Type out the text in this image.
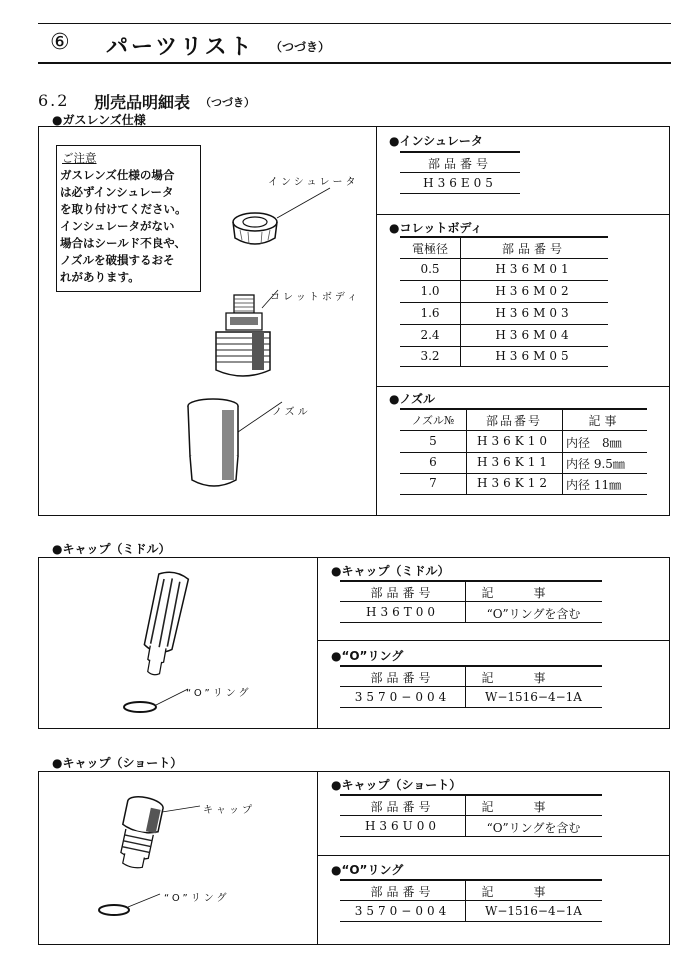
⑥ パーツリスト （つづき）
6.2 別売品明細表 （つづき）
●ガスレンズ仕様
ご注意
ガスレンズ仕様の場合
は必ずインシュレータ
を取り付けてください。
インシュレータがない
場合はシールド不良や、
ノズルを破損するおそ
れがあります。
インシュレータ
コレットボディ
ノズル
●インシュレータ
部品番号
H36E05
●コレットボディ
電極径	部品番号
0.5	H36M01
1.0	H36M02
1.6	H36M03
2.4	H36M04
3.2	H36M05
●ノズル
ノズル№	部品番号	記事
5	H36K10	内径　8㎜
6	H36K11	内径 9.5㎜
7	H36K12	内径 11㎜
●キャップ（ミドル）
“O”リング
●キャップ（ミドル）
部品番号	記事
H36T00	“O”リングを含む
●“O”リング
部品番号	記事
3570−004	W−1516−4−1A
●キャップ（ショート）
キャップ
“O”リング
●キャップ（ショート）
部品番号	記事
H36U00	“O”リングを含む
●“O”リング
部品番号	記事
3570−004	W−1516−4−1A
